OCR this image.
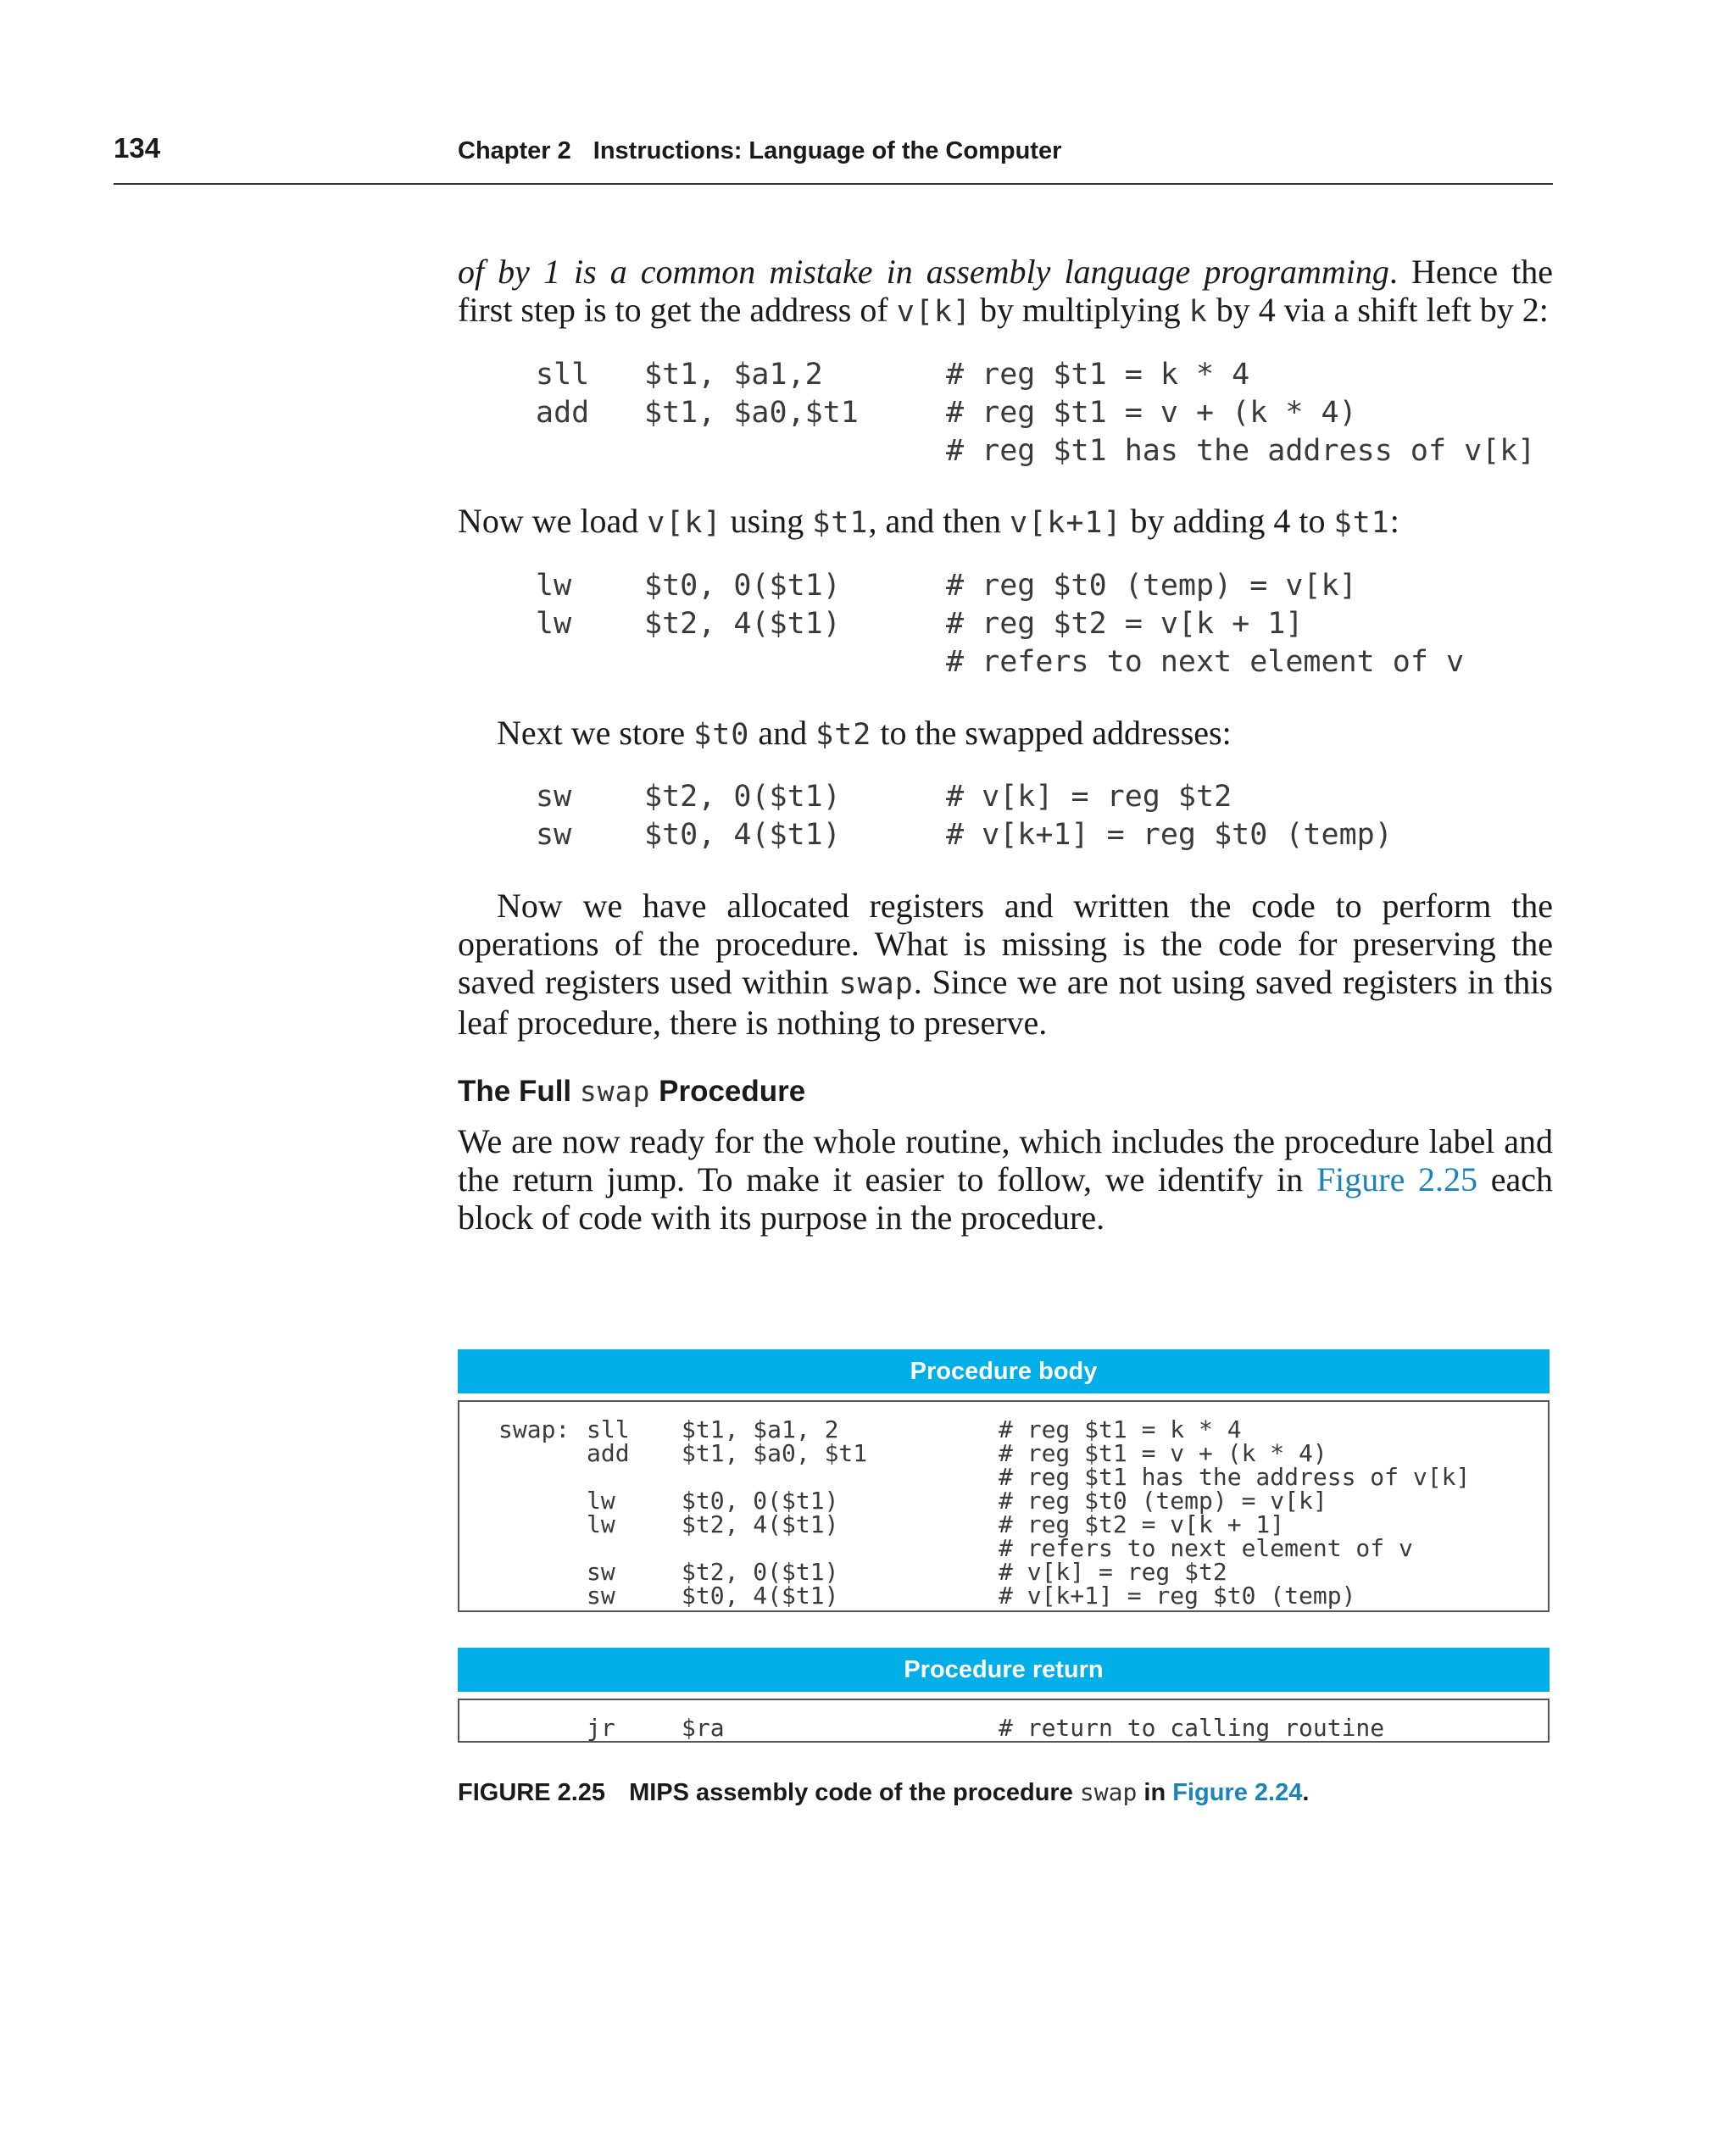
134	Chapter 2 Instructions: Language of the Computer

of by 1 is a common mistake in assembly language programming. Hence the first step is to get the address of v[k] by multiplying k by 4 via a shift left by 2:

sll $t1, $a1,2	# reg $t1 = k * 4
add $t1, $a0,$t1	# reg $t1 = v + (k * 4)
# reg $t1 has the address of v[k]

Now we load v[k] using $t1, and then v[k+1] by adding 4 to $t1:

lw $t0, 0($t1)	# reg $t0 (temp) = v[k]
lw $t2, 4($t1)	# reg $t2 = v[k + 1]
# refers to next element of v

Next we store $t0 and $t2 to the swapped addresses:

sw $t2, 0($t1)	# v[k] = reg $t2
sw $t0, 4($t1)	# v[k+1] = reg $t0 (temp)

Now we have allocated registers and written the code to perform the operations of the procedure. What is missing is the code for preserving the saved registers used within swap. Since we are not using saved registers in this leaf procedure, there is nothing to preserve.

The Full swap Procedure

We are now ready for the whole routine, which includes the procedure label and the return jump. To make it easier to follow, we identify in Figure 2.25 each block of code with its purpose in the procedure.

Procedure body
swap: sll $t1, $a1, 2	# reg $t1 = k * 4
add $t1, $a0, $t1	# reg $t1 = v + (k * 4)
# reg $t1 has the address of v[k]
lw	$t0, 0($t1)	# reg $t0 (temp) = v[k]
lw	$t2, 4($t1)	# reg $t2 = v[k + 1]
# refers to next element of v
sw	$t2, 0($t1)	# v[k] = reg $t2
sw	$t0, 4($t1)	# v[k+1] = reg $t0 (temp)
Procedure return
jr	$ra	# return to calling routine
FIGURE 2.25 MIPS assembly code of the procedure swap in Figure 2.24.
